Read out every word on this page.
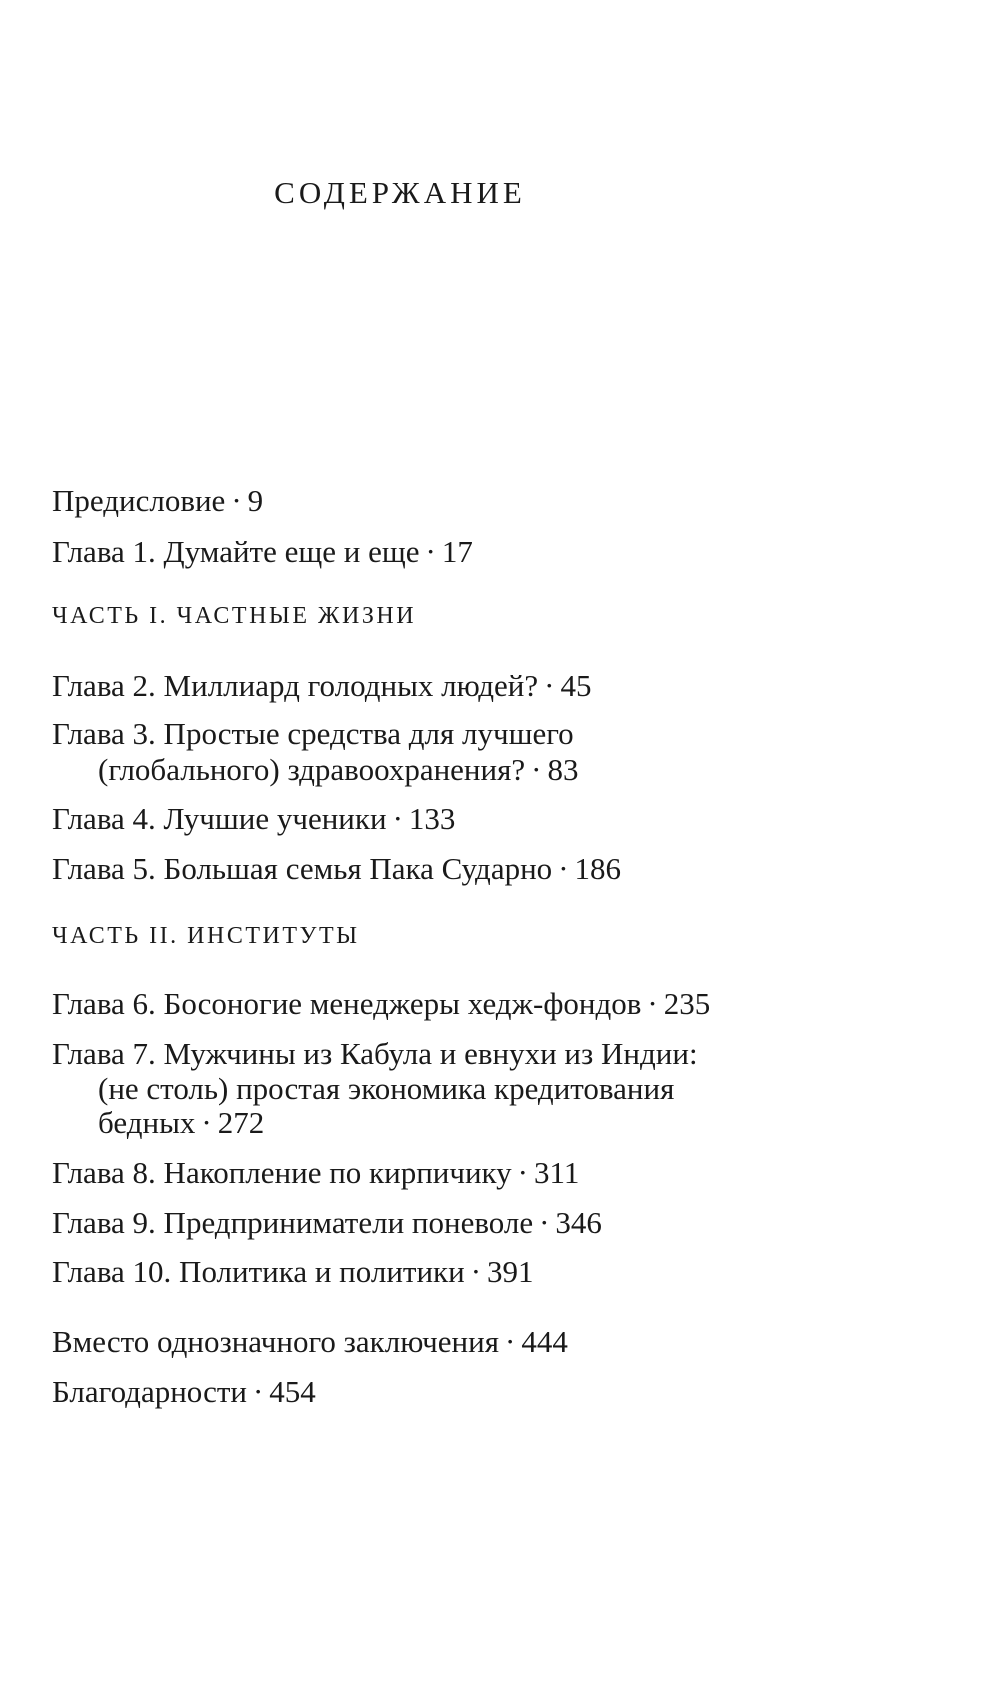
СОДЕРЖАНИЕ
Предисловие · 9
Глава 1. Думайте еще и еще · 17
ЧАСТЬ I. ЧАСТНЫЕ ЖИЗНИ
Глава 2. Миллиард голодных людей? · 45
Глава 3. Простые средства для лучшего
(глобального) здравоохранения? · 83
Глава 4. Лучшие ученики · 133
Глава 5. Большая семья Пака Сударно · 186
ЧАСТЬ II. ИНСТИТУТЫ
Глава 6. Босоногие менеджеры хедж-фондов · 235
Глава 7. Мужчины из Кабула и евнухи из Индии:
(не столь) простая экономика кредитования
бедных · 272
Глава 8. Накопление по кирпичику · 311
Глава 9. Предприниматели поневоле · 346
Глава 10. Политика и политики · 391
Вместо однозначного заключения · 444
Благодарности · 454
